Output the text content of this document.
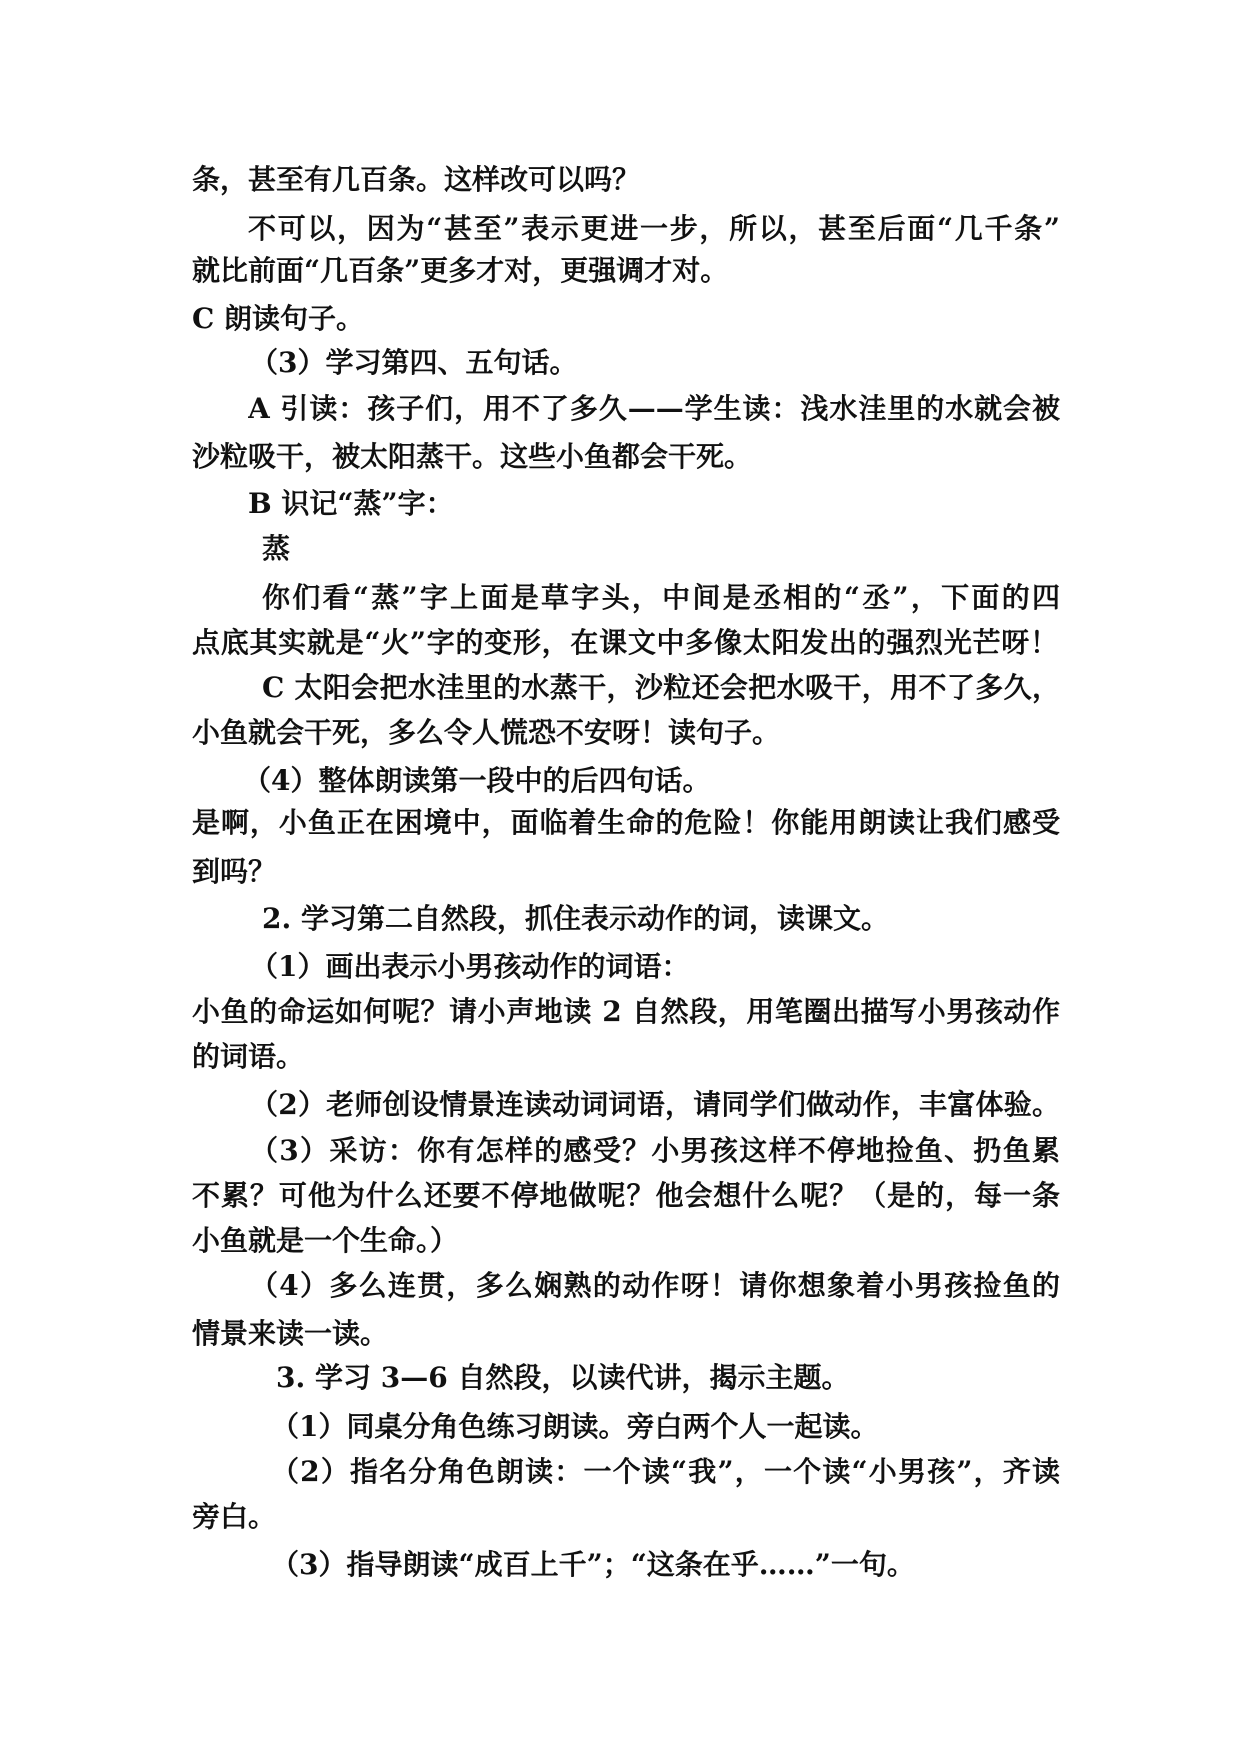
条，甚至有几百条。这样改可以吗？

不可以，因为“甚至”表示更进一步，所以，甚至后面“几千条”

就比前面“几百条”更多才对，更强调才对。

C 朗读句子。

（3）学习第四、五句话。

A 引读：孩子们，用不了多久——学生读：浅水洼里的水就会被

沙粒吸干，被太阳蒸干。这些小鱼都会干死。

B 识记“蒸”字：

蒸

你们看“蒸”字上面是草字头，中间是丞相的“丞”，下面的四

点底其实就是“火”字的变形，在课文中多像太阳发出的强烈光芒呀！

C 太阳会把水洼里的水蒸干，沙粒还会把水吸干，用不了多久，

小鱼就会干死，多么令人慌恐不安呀！读句子。

（4）整体朗读第一段中的后四句话。

是啊，小鱼正在困境中，面临着生命的危险！你能用朗读让我们感受

到吗？

2. 学习第二自然段，抓住表示动作的词，读课文。

（1）画出表示小男孩动作的词语：

小鱼的命运如何呢？请小声地读 2 自然段，用笔圈出描写小男孩动作

的词语。

（2）老师创设情景连读动词词语，请同学们做动作，丰富体验。

（3）采访：你有怎样的感受？小男孩这样不停地捡鱼、扔鱼累

不累？可他为什么还要不停地做呢？他会想什么呢？（是的，每一条

小鱼就是一个生命。）

（4）多么连贯，多么娴熟的动作呀！请你想象着小男孩捡鱼的

情景来读一读。

3. 学习 3—6 自然段，以读代讲，揭示主题。

（1）同桌分角色练习朗读。旁白两个人一起读。

（2）指名分角色朗读：一个读“我”，一个读“小男孩”，齐读

旁白。

（3）指导朗读“成百上千”；“这条在乎……”一句。
